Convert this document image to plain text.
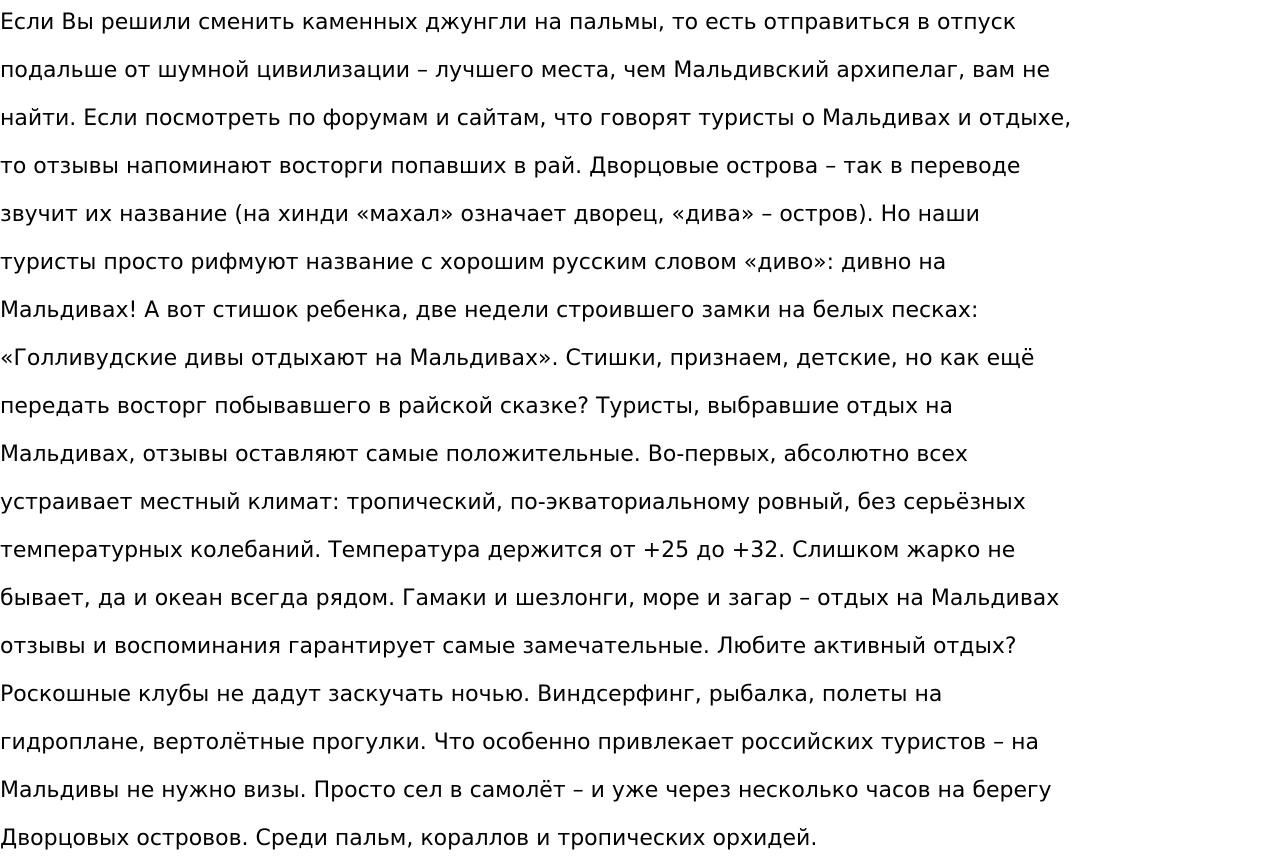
Если Вы решили сменить каменных джунгли на пальмы, то есть отправиться в отпуск
подальше от шумной цивилизации – лучшего места, чем Мальдивский архипелаг, вам не
найти. Если посмотреть по форумам и сайтам, что говорят туристы о Мальдивах и отдыхе,
то отзывы напоминают восторги попавших в рай. Дворцовые острова – так в переводе
звучит их название (на хинди «махал» означает дворец, «дива» – остров). Но наши
туристы просто рифмуют название с хорошим русским словом «диво»: дивно на
Мальдивах! А вот стишок ребенка, две недели строившего замки на белых песках:
«Голливудские дивы отдыхают на Мальдивах». Стишки, признаем, детские, но как ещё
передать восторг побывавшего в райской сказке? Туристы, выбравшие отдых на
Мальдивах, отзывы оставляют самые положительные. Во-первых, абсолютно всех
устраивает местный климат: тропический, по-экваториальному ровный, без серьёзных
температурных колебаний. Температура держится от +25 до +32. Слишком жарко не
бывает, да и океан всегда рядом. Гамаки и шезлонги, море и загар – отдых на Мальдивах
отзывы и воспоминания гарантирует самые замечательные. Любите активный отдых?
Роскошные клубы не дадут заскучать ночью. Виндсерфинг, рыбалка, полеты на
гидроплане, вертолётные прогулки. Что особенно привлекает российских туристов – на
Мальдивы не нужно визы. Просто сел в самолёт – и уже через несколько часов на берегу
Дворцовых островов. Среди пальм, кораллов и тропических орхидей.
